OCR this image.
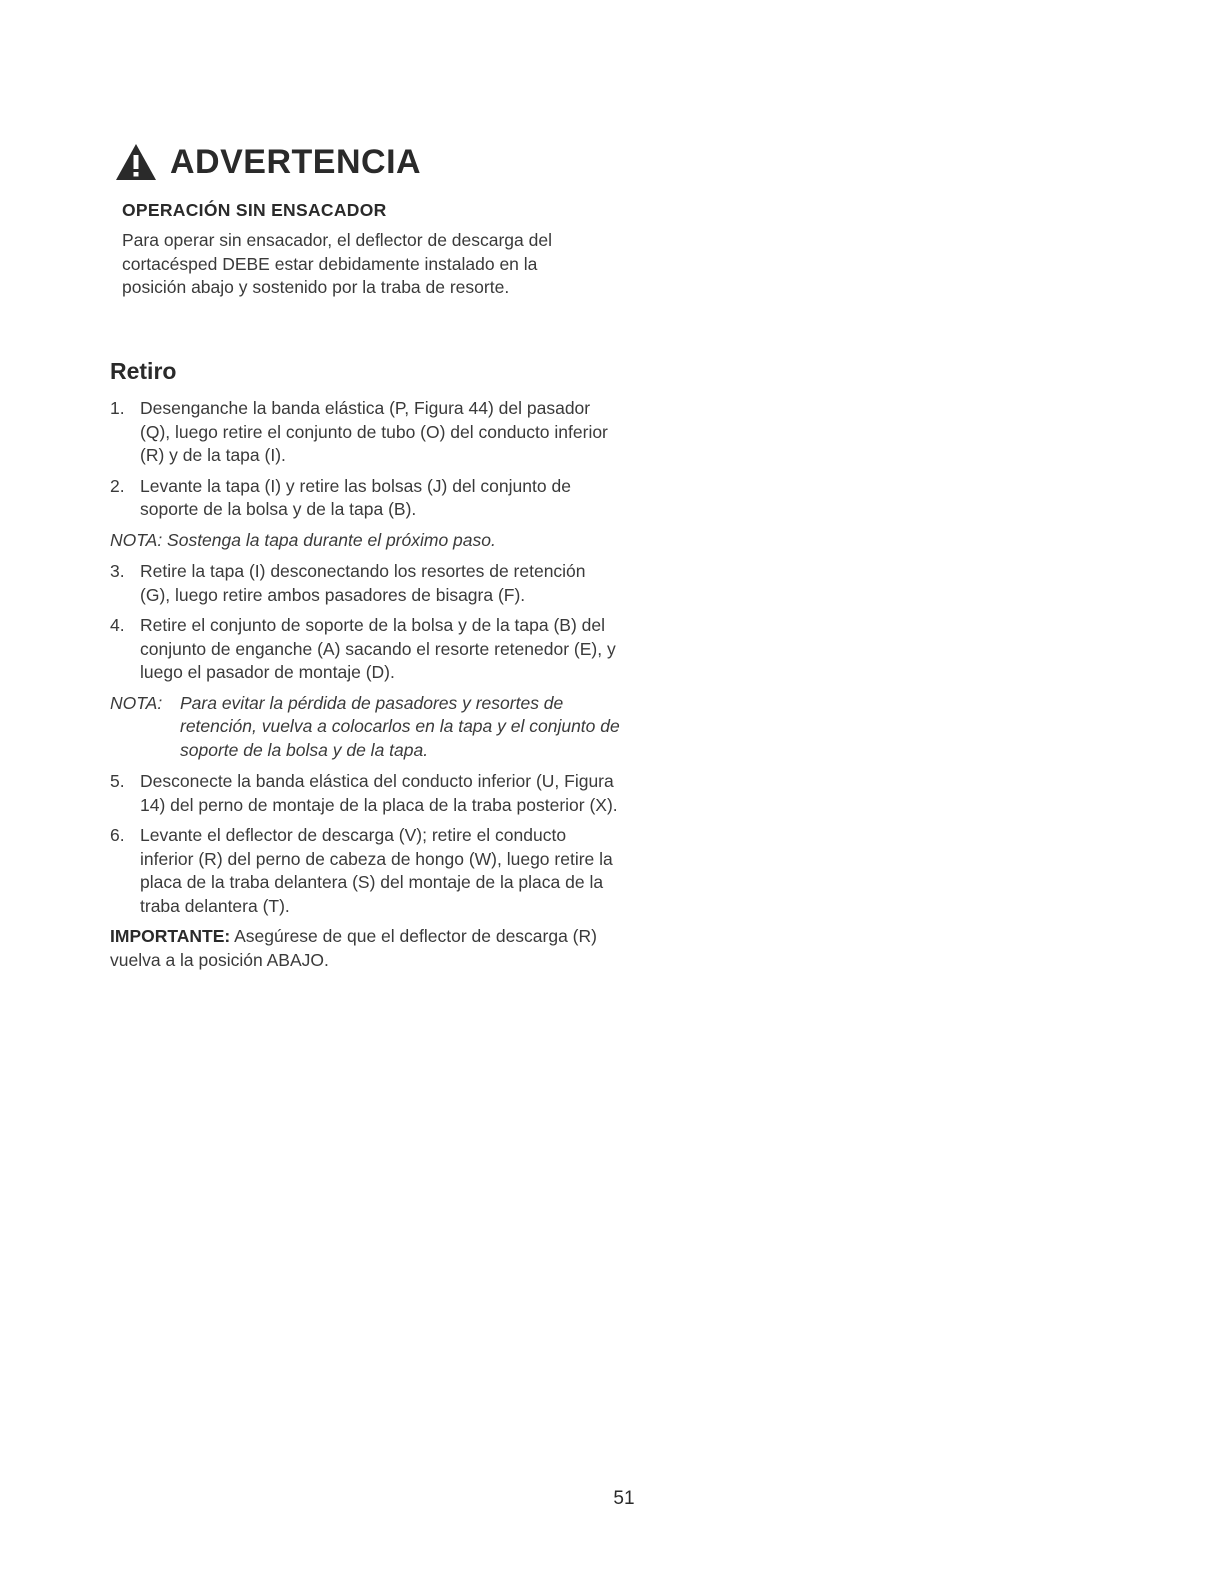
ADVERTENCIA

OPERACIÓN SIN ENSACADOR

Para operar sin ensacador, el deflector de descarga del cortacésped DEBE estar debidamente instalado en la posición abajo y sostenido por la traba de resorte.

Retiro
1. Desenganche la banda elástica (P, Figura 44) del pasador (Q), luego retire el conjunto de tubo (O) del conducto inferior (R) y de la tapa (I).
2. Levante la tapa (I) y retire las bolsas (J) del conjunto de soporte de la bolsa y de la tapa (B).

NOTA: Sostenga la tapa durante el próximo paso.

3. Retire la tapa (I) desconectando los resortes de retención (G), luego retire ambos pasadores de bisagra (F).
4. Retire el conjunto de soporte de la bolsa y de la tapa (B) del conjunto de enganche (A) sacando el resorte retenedor (E), y luego el pasador de montaje (D).
NOTA:	Para evitar la pérdida de pasadores y resortes de retención, vuelva a colocarlos en la tapa y el conjunto de soporte de la bolsa y de la tapa.
5. Desconecte la banda elástica del conducto inferior (U, Figura 14) del perno de montaje de la placa de la traba posterior (X).
6. Levante el deflector de descarga (V); retire el conducto inferior (R) del perno de cabeza de hongo (W), luego retire la placa de la traba delantera (S) del montaje de la placa de la traba delantera (T).

IMPORTANTE: Asegúrese de que el deflector de descarga (R) vuelva a la posición ABAJO.

51
